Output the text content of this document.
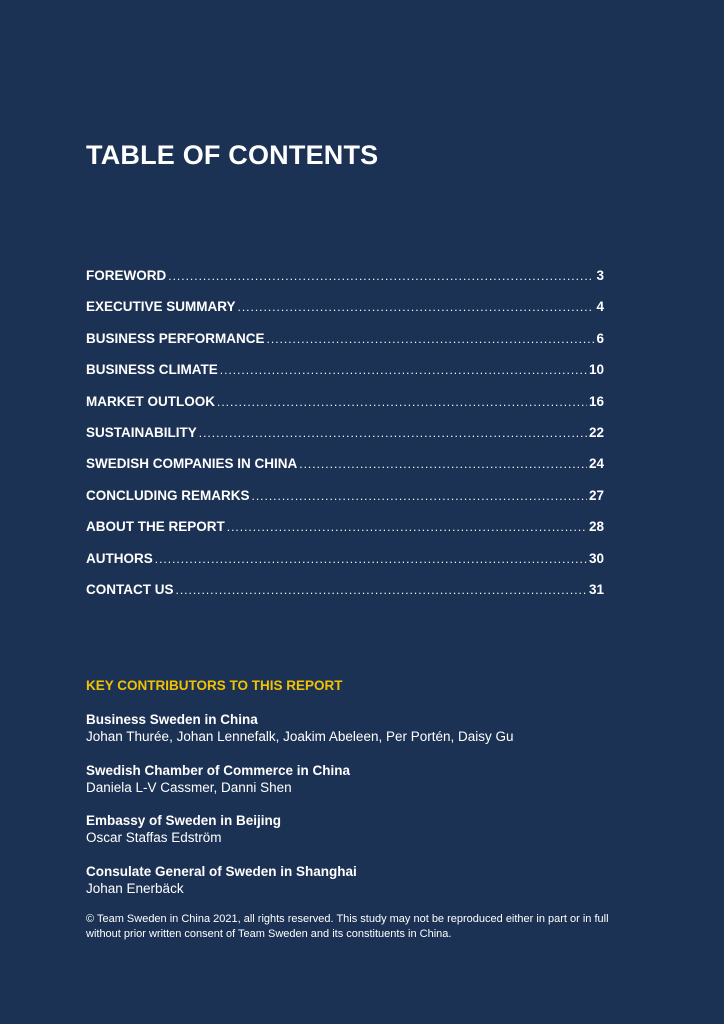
TABLE OF CONTENTS
FOREWORD .....	3
EXECUTIVE SUMMARY .....	4
BUSINESS PERFORMANCE .....	6
BUSINESS CLIMATE .....	10
MARKET OUTLOOK .....	16
SUSTAINABILITY .....	22
SWEDISH COMPANIES IN CHINA .....	24
CONCLUDING REMARKS .....	27
ABOUT THE REPORT .....	28
AUTHORS .....	30
CONTACT US .....	31
KEY CONTRIBUTORS TO THIS REPORT
Business Sweden in China
Johan Thurée, Johan Lennefalk, Joakim Abeleen, Per Portén, Daisy Gu
Swedish Chamber of Commerce in China
Daniela L-V Cassmer, Danni Shen
Embassy of Sweden in Beijing
Oscar Staffas Edström
Consulate General of Sweden in Shanghai
Johan Enerbäck

© Team Sweden in China 2021, all rights reserved. This study may not be reproduced either in part or in full without prior written consent of Team Sweden and its constituents in China.
